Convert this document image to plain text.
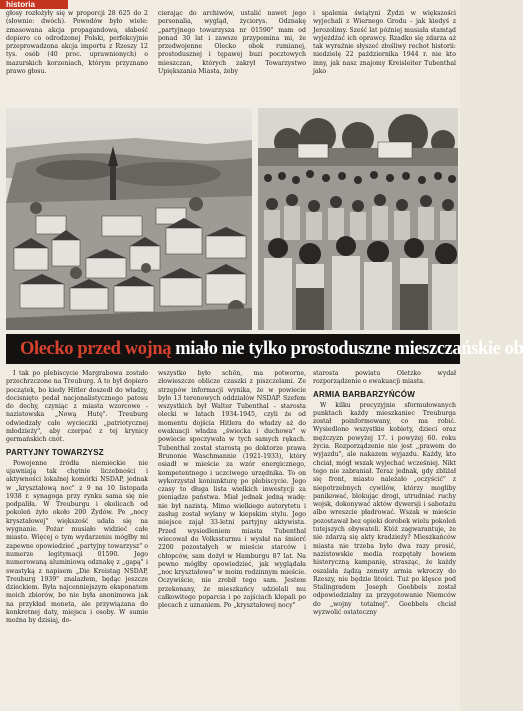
historia

głosy rozłożyły się w proporcji 28 625 do 2 (słownie: dwóch). Powodów było wiele: zmasowana akcja propagandowa, słabość dopiero co odrodzonej Polski, perfekcyjnie przeprowadzona akcja importu z Rzeszy 12 tys. osób (40 proc. uprawnionych) o mazurskich korzeniach, którym przyznano prawo głosu.

cierając do archiwów, ustalić nawet jego personalia, wygląd, życiorys. Odznakę „partyjnego towarzysza nr 01590" mam od ponad 30 lat i zawsze przypomina mi, że przedwojenne Olecko obok rumianej, prostodusznej i tępawej buzi pocztowych mieszczan, których zakrył Towarzystwo Upiększania Miasta, żeby

i spalenia świątyni Żydzi w większości wyjechali z Wiernego Grodu - jak kiedyś z Jerozolimy. Sześć lat później musiała stamtąd wyjeżdżać ich oprawcy. Rzadko się zdarza aż tak wyraźnie słyszeć złośliwy rechot historii: niedzielę 22 października 1944 r. nie kto inny, jak nasz znajomy Kreisleiter Tubenthal jako

Olecko przed wojną miało nie tylko prostoduszne mieszczańskie ob

I tak po plebiscycie Margrabowa zostało przechrzczone na Treuburg. A to był dopiero początek, bo kiedy Hitler doszedł do władzy, docisnięto pedał nacjonalistycznego patosu do dechy, czyniąc z miasta wzorcowe - nazistowska „Nową Hutę". Treuburg odwiedzały całe wycieczki „patriotycznej młodzieży", aby czerpać z tej krynicy germańskich cnót.

PARTYJNY TOWARZYSZ

Powojenne źródła niemieckie nie ujawniają tak chętnie liczebności i aktywności lokalnej komórki NSDAP, jednak w „kryształową noc" z 9 na 10 listopada 1938 r. synagoga przy rynku sama się nie podpaliła. W Treuburgu i okolicach od pokoleń żyło około 200 Żydów. Po „nocy kryształowej" większość udała się na wygnanie. Pożar musiało widzieć całe miasto. Więcej o tym wydarzeniu mógłby mi zapewne opowiedzieć „partyjny towarzysz" o numerze legitymacji 01590. Jego numerowaną aluminiową odznakę z „gapą" i swastyką z napisem „Die Kreistag NSDAP, Treuburg 1939" znalazłem, będąc jeszcze dzieckiem. Była najcenniejszym eksponatem moich zbiorów, bo nie była anonimowa jak na przykład moneta, ale przywiązana do konkretnej daty, miejsca i osoby. W sumie można by dzisiaj, do-

wszystko było schön, ma potworne, złowieszcze oblicze czaszki z piszczelami. Ze strzępów informacji wynika, że w powiecie było 13 terenowych oddziałów NSDAP. Szefem wszystkich był Walter Tubenthal - starosta olecki w latach 1934-1945, czyli że od momentu dojścia Hitlera do władzy aż do ewakuacji władza „świecka i duchowa" w powiecie spoczywała w tych samych rękach. Tubenthal został starostą po doktorze prawa Brunonie Waschmannie (1921-1933), który osiadł w mieście za wzór energicznego, kompetentnego i uczciwego urzędnika. To on wykorzystał koniunkturę po plebiscycie. Jego czasy to długa lista wielkich inwestycji za pieniądze państwa. Miał jednak jedną wadę: nie był nazistą. Mimo wielkiego autorytetu i zasług został wylany w kiepskim stylu. Jego miejsce zajął 33-letni partyjny aktywista. Przed wysiedleniem miasta Tubenthal wiecował do Volkssturmu i wysłał na śmierć 2200 pozostałych w mieście starców i chłopców, sam dożył w Hamburgu 87 lat. Na pewno mógłby opowiedzieć, jak wyglądała „noc kryształowa" w moim rodzinnym mieście. Oczywiście, nie zrobił tego sam. Jestem przekonany, że mieszkańcy udzielali mu całkowitego poparcia i po zajściach klepali po plecach z uznaniem. Po „kryształowej nocy"

starosta powiatu Oletzko wydał rozporządzenie o ewakuacji miasta.

ARMIA BARBARZYŃCÓW

W kilku precyzyjnie sformułowanych punktach każdy mieszkaniec Treuburga został poinformowany, co ma robić. Wysiedlono wszystkie kobiety, dzieci oraz mężczyzn powyżej 17. i powyżej 60. roku życia. Rozporządzenie nie jest „prawem do wyjazdu", ale nakazem wyjazdu. Każdy, kto chciał, mógł wszak wyjechać wcześniej. Nikt tego nie zabraniał. Teraz jednak, gdy zbliżał się front, miasto należało „oczyścić" z niepotrzebnych cywilów, którzy mogliby panikować, blokując drogi, utrudniać ruchy wojsk, dokonywać aktów dywersji i sabotażu albo wreszcie pładrować. Wszak w mieście pozostawał bez opieki dorobek wielu pokoleń tutejszych obywateli. Któż zagwarantuje, że nie zdarzą się akty kradzieży? Mieszkańców miasta nie trzeba było dwa razy prosić, nazistowskie media rozpętały bowiem histeryczną kampanię, strasząc, że każdy oszalała żądzą zemsty armia wkroczy do Rzeszy, nie będzie litości. Tuż po klęsce pod Stalingradem Joseph Goebbels został odpowiedzialny za przygotowanie Niemców do „wojny totalnej". Goebbels chciał wyzwolić ostateczny
